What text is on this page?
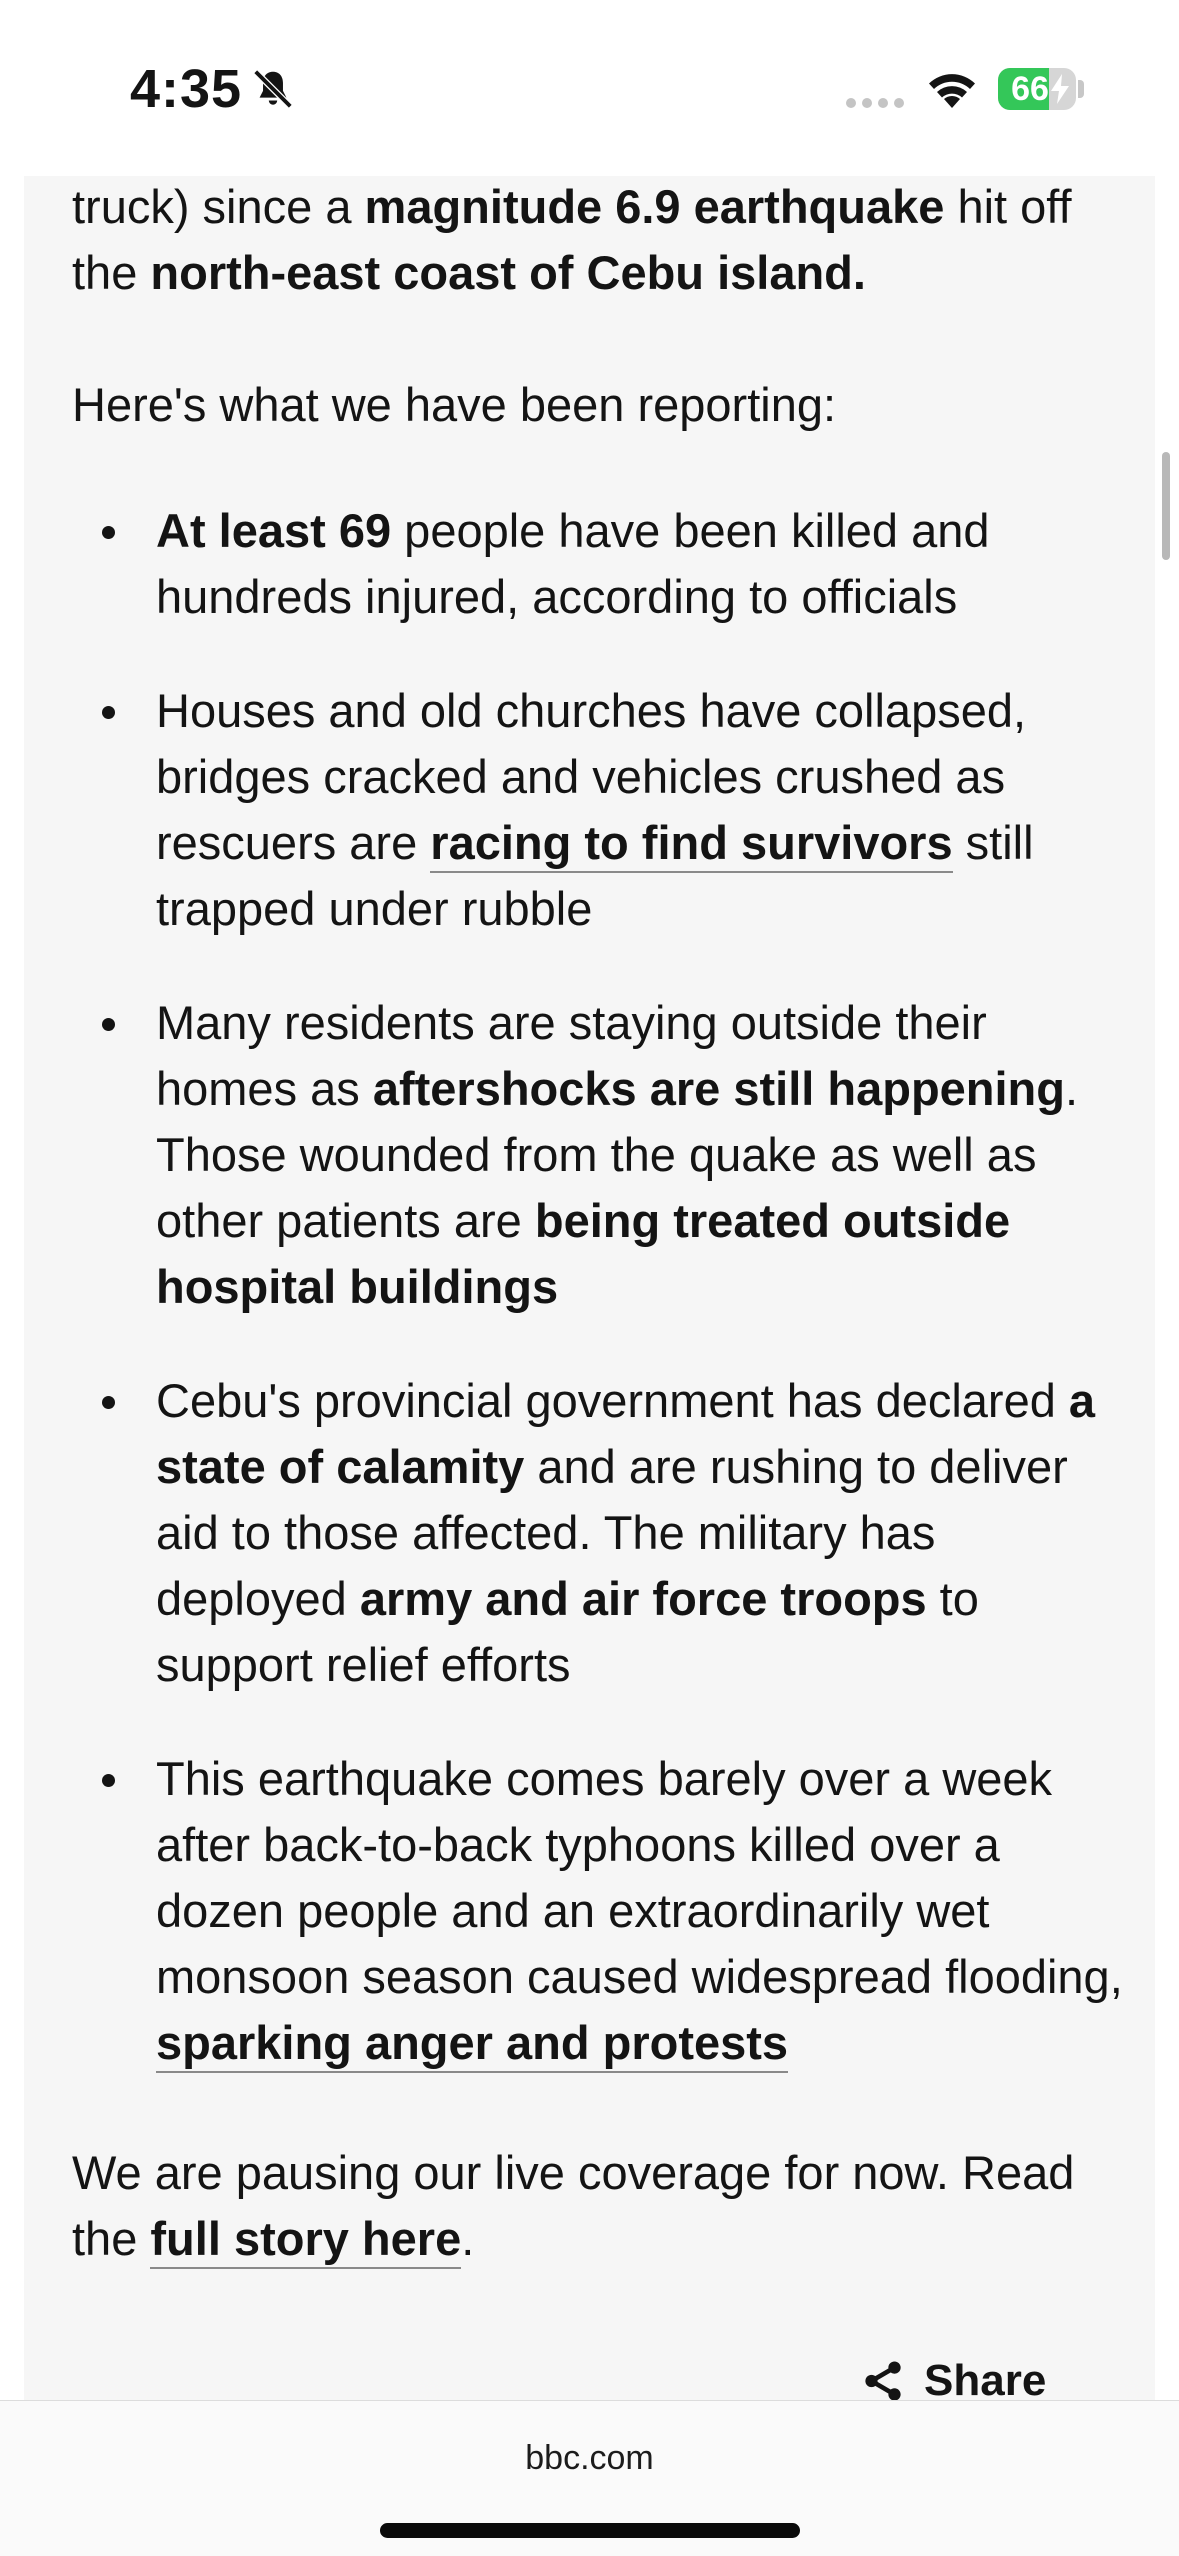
4:35	66

truck) since a magnitude 6.9 earthquake hit off the north-east coast of Cebu island.

Here's what we have been reporting:

At least 69 people have been killed and hundreds injured, according to officials
Houses and old churches have collapsed, bridges cracked and vehicles crushed as rescuers are racing to find survivors still trapped under rubble
Many residents are staying outside their homes as aftershocks are still happening. Those wounded from the quake as well as other patients are being treated outside hospital buildings
Cebu's provincial government has declared a state of calamity and are rushing to deliver aid to those affected. The military has deployed army and air force troops to support relief efforts
This earthquake comes barely over a week after back-to-back typhoons killed over a dozen people and an extraordinarily wet monsoon season caused widespread flooding, sparking anger and protests

We are pausing our live coverage for now. Read the full story here.

Share
bbc.com
